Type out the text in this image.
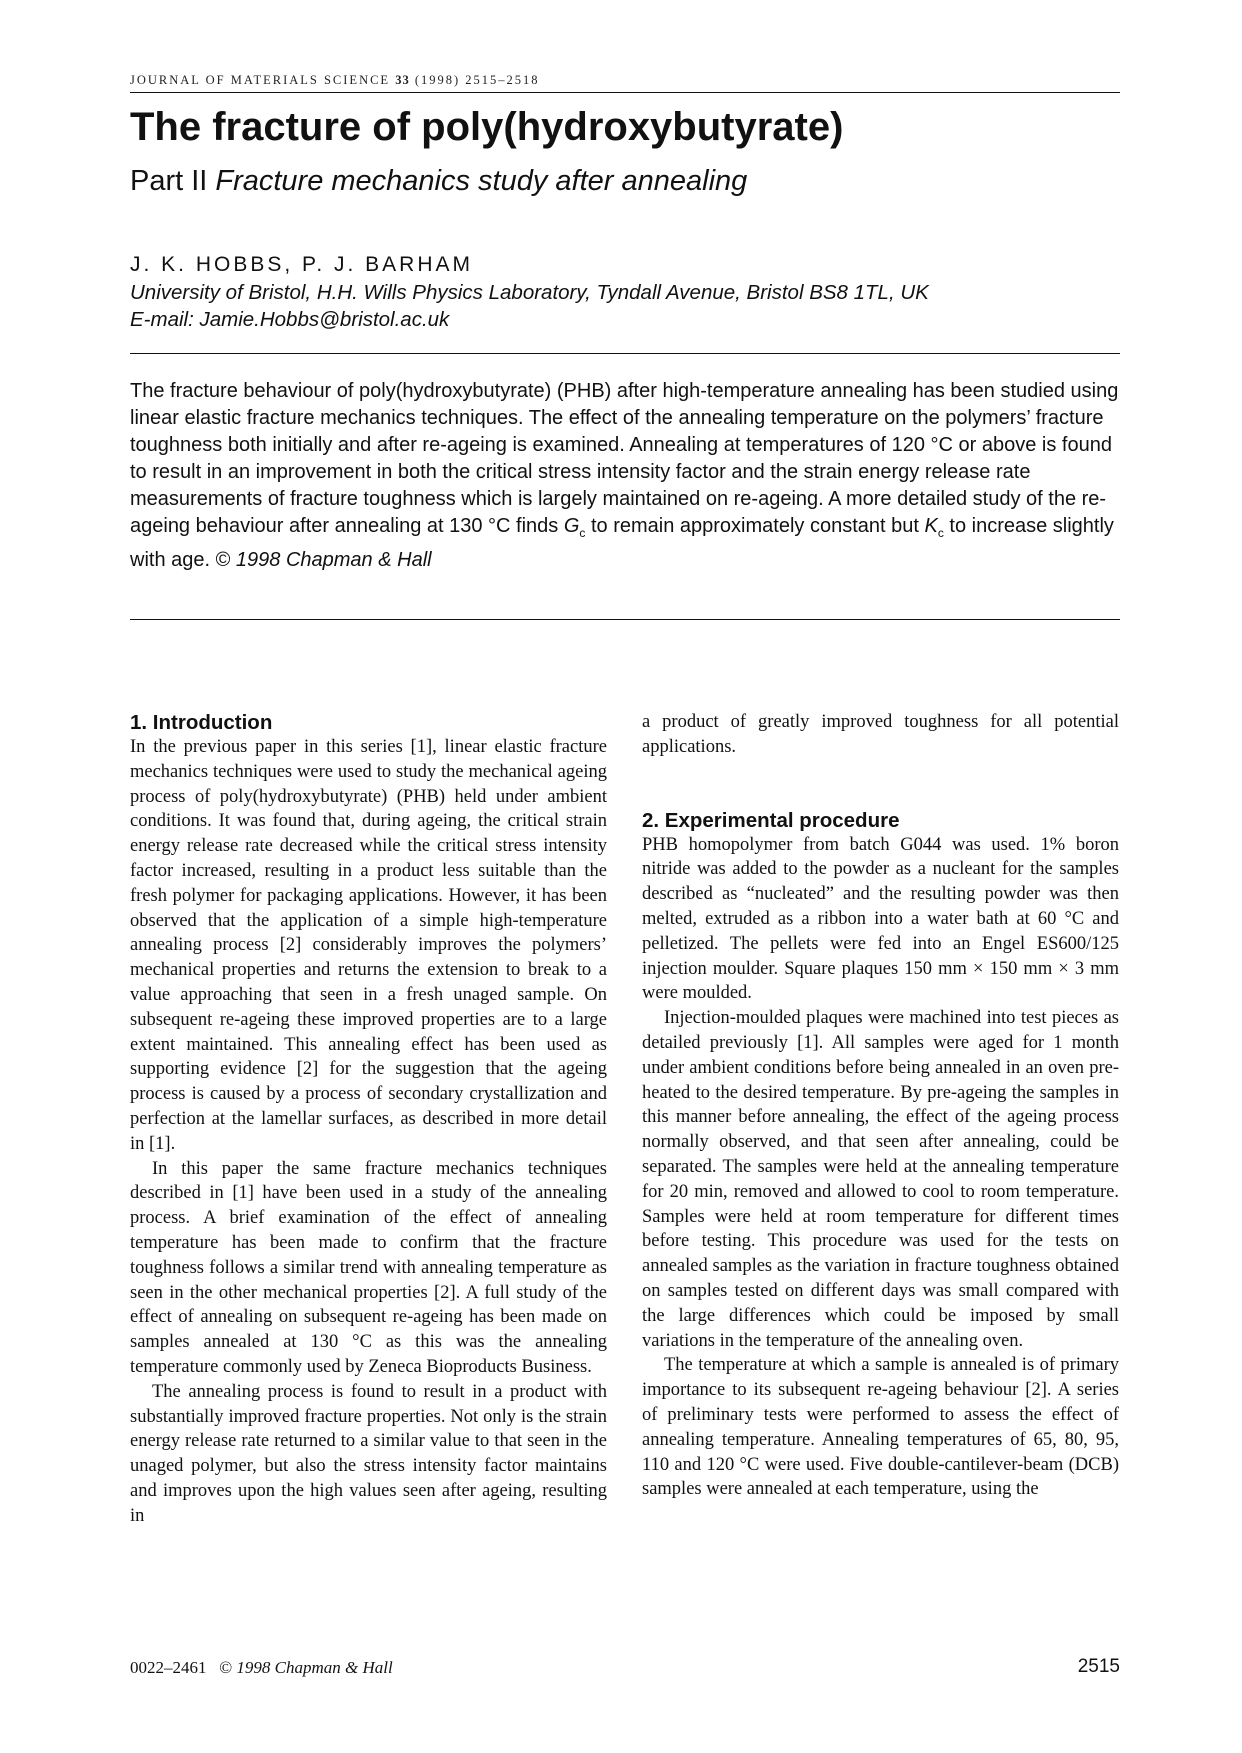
JOURNAL OF MATERIALS SCIENCE 33 (1998) 2515–2518
The fracture of poly(hydroxybutyrate)
Part II Fracture mechanics study after annealing
J. K. HOBBS, P. J. BARHAM
University of Bristol, H.H. Wills Physics Laboratory, Tyndall Avenue, Bristol BS8 1TL, UK
E-mail: Jamie.Hobbs@bristol.ac.uk

The fracture behaviour of poly(hydroxybutyrate) (PHB) after high-temperature annealing has been studied using linear elastic fracture mechanics techniques. The effect of the annealing temperature on the polymers’ fracture toughness both initially and after re-ageing is examined. Annealing at temperatures of 120 °C or above is found to result in an improvement in both the critical stress intensity factor and the strain energy release rate measurements of fracture toughness which is largely maintained on re-ageing. A more detailed study of the re-ageing behaviour after annealing at 130 °C finds $G_c$ to remain approximately constant but $K_c$ to increase slightly with age. © 1998 Chapman & Hall

1. Introduction

In the previous paper in this series [1], linear elastic fracture mechanics techniques were used to study the mechanical ageing process of poly(hydroxybutyrate) (PHB) held under ambient conditions. It was found that, during ageing, the critical strain energy release rate decreased while the critical stress intensity factor increased, resulting in a product less suitable than the fresh polymer for packaging applications. However, it has been observed that the application of a simple high-temperature annealing process [2] considerably improves the polymers’ mechanical properties and returns the extension to break to a value approaching that seen in a fresh unaged sample. On subsequent re-ageing these improved properties are to a large extent maintained. This annealing effect has been used as supporting evidence [2] for the suggestion that the ageing process is caused by a process of secondary crystallization and perfection at the lamellar surfaces, as described in more detail in [1].

In this paper the same fracture mechanics techniques described in [1] have been used in a study of the annealing process. A brief examination of the effect of annealing temperature has been made to confirm that the fracture toughness follows a similar trend with annealing temperature as seen in the other mechanical properties [2]. A full study of the effect of annealing on subsequent re-ageing has been made on samples annealed at 130 °C as this was the annealing temperature commonly used by Zeneca Bioproducts Business.

The annealing process is found to result in a product with substantially improved fracture properties. Not only is the strain energy release rate returned to a similar value to that seen in the unaged polymer, but also the stress intensity factor maintains and improves upon the high values seen after ageing, resulting in

a product of greatly improved toughness for all potential applications.

2. Experimental procedure

PHB homopolymer from batch G044 was used. 1% boron nitride was added to the powder as a nucleant for the samples described as “nucleated” and the resulting powder was then melted, extruded as a ribbon into a water bath at 60 °C and pelletized. The pellets were fed into an Engel ES600/125 injection moulder. Square plaques 150 mm × 150 mm × 3 mm were moulded.

Injection-moulded plaques were machined into test pieces as detailed previously [1]. All samples were aged for 1 month under ambient conditions before being annealed in an oven pre-heated to the desired temperature. By pre-ageing the samples in this manner before annealing, the effect of the ageing process normally observed, and that seen after annealing, could be separated. The samples were held at the annealing temperature for 20 min, removed and allowed to cool to room temperature. Samples were held at room temperature for different times before testing. This procedure was used for the tests on annealed samples as the variation in fracture toughness obtained on samples tested on different days was small compared with the large differences which could be imposed by small variations in the temperature of the annealing oven.

The temperature at which a sample is annealed is of primary importance to its subsequent re-ageing behaviour [2]. A series of preliminary tests were performed to assess the effect of annealing temperature. Annealing temperatures of 65, 80, 95, 110 and 120 °C were used. Five double-cantilever-beam (DCB) samples were annealed at each temperature, using the

0022–2461 © 1998 Chapman & Hall	2515
